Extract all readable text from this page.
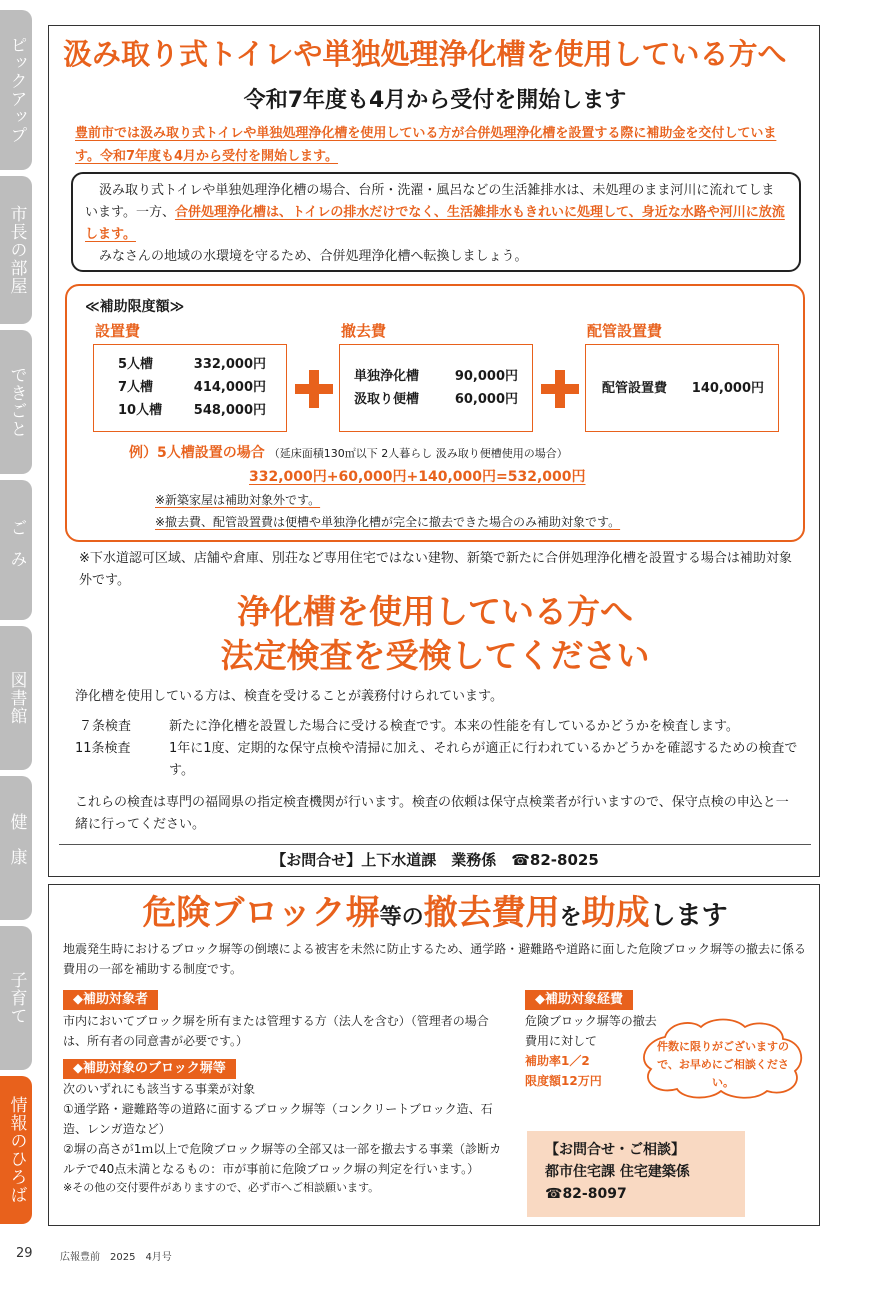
ピックアップ
市長の部屋
できごと
ごみ
図書館
健康
子育て
情報のひろば
汲み取り式トイレや単独処理浄化槽を使用している方へ
令和7年度も4月から受付を開始します
豊前市では汲み取り式トイレや単独処理浄化槽を使用している方が合併処理浄化槽を設置する際に補助金を交付しています。令和7年度も4月から受付を開始します。
汲み取り式トイレや単独処理浄化槽の場合、台所・洗濯・風呂などの生活雑排水は、未処理のまま河川に流れてしまいます。一方、合併処理浄化槽は、トイレの排水だけでなく、生活雑排水もきれいに処理して、身近な水路や河川に放流します。
みなさんの地域の水環境を守るため、合併処理浄化槽へ転換しましょう。
≪補助限度額≫
設置費
5人槽	332,000円
7人槽	414,000円
10人槽 548,000円
撤去費
単独浄化槽	90,000円
汲取り便槽	60,000円
配管設置費
配管設置費 140,000円
例）5人槽設置の場合 （延床面積130㎡以下 2人暮らし 汲み取り便槽使用の場合）
332,000円+60,000円+140,000円=532,000円
※新築家屋は補助対象外です。
※撤去費、配管設置費は便槽や単独浄化槽が完全に撤去できた場合のみ補助対象です。
※下水道認可区域、店舗や倉庫、別荘など専用住宅ではない建物、新築で新たに合併処理浄化槽を設置する場合は補助対象外です。
浄化槽を使用している方へ
法定検査を受検してください
浄化槽を使用している方は、検査を受けることが義務付けられています。
７条検査	新たに浄化槽を設置した場合に受ける検査です。本来の性能を有しているかどうかを検査します。
11条検査	1年に1度、定期的な保守点検や清掃に加え、それらが適正に行われているかどうかを確認するための検査です。
これらの検査は専門の福岡県の指定検査機関が行います。検査の依頼は保守点検業者が行いますので、保守点検の申込と一緒に行ってください。
【お問合せ】上下水道課　業務係　☎82-8025
危険ブロック塀等の撤去費用を助成します
地震発生時におけるブロック塀等の倒壊による被害を未然に防止するため、通学路・避難路や道路に面した危険ブロック塀等の撤去に係る費用の一部を補助する制度です。
◆補助対象者
市内においてブロック塀を所有または管理する方（法人を含む）（管理者の場合は、所有者の同意書が必要です。）
◆補助対象のブロック塀等
次のいずれにも該当する事業が対象
①通学路・避難路等の道路に面するブロック塀等（コンクリートブロック造、石造、レンガ造など）
②塀の高さが1ｍ以上で危険ブロック塀等の全部又は一部を撤去する事業（診断カルテで40点未満となるもの：市が事前に危険ブロック塀の判定を行います。）
※その他の交付要件がありますので、必ず市へご相談願います。
◆補助対象経費
危険ブロック塀等の撤去
費用に対して
補助率1／2
限度額12万円
件数に限りがございますので、お早めにご相談ください。
【お問合せ・ご相談】
都市住宅課 住宅建築係
☎82-8097
29	広報豊前　2025　4月号
